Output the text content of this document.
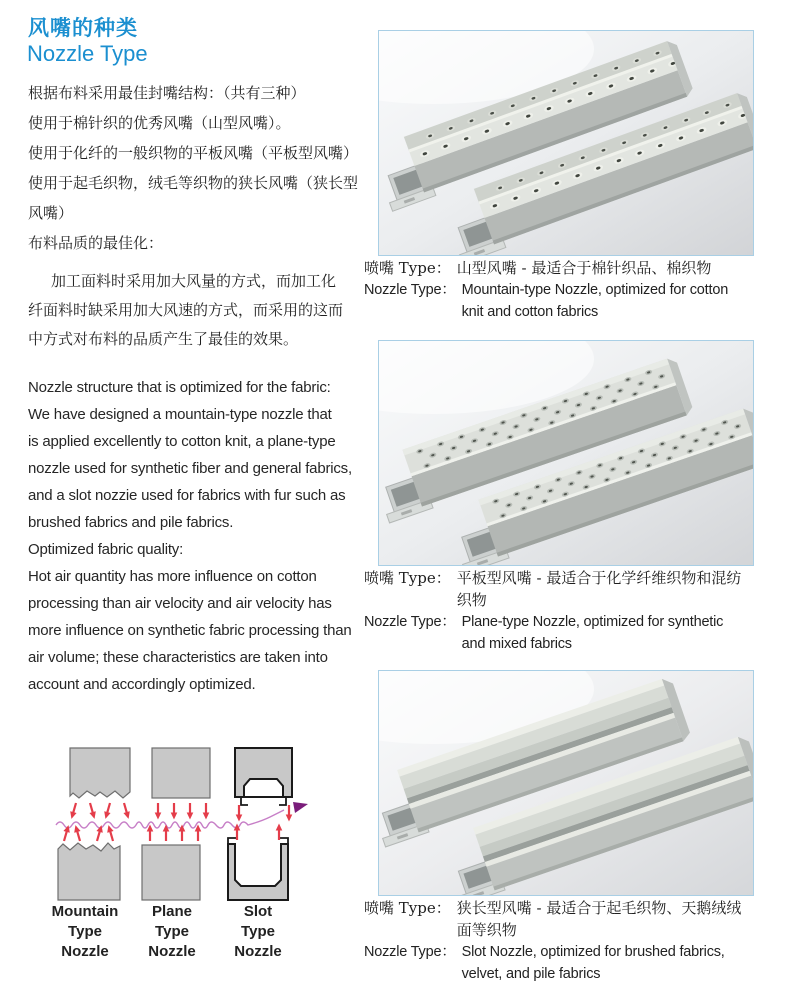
风嘴的种类
Nozzle Type
根据布料采用最佳封嘴结构：（共有三种）
使用于棉针织的优秀风嘴（山型风嘴）。
使用于化纤的一般织物的平板风嘴（平板型风嘴）
使用于起毛织物，绒毛等织物的狭长风嘴（狭长型
风嘴）
布料品质的最佳化：
加工面料时采用加大风量的方式，而加工化
纤面料时缺采用加大风速的方式，而采用的这而
中方式对布料的品质产生了最佳的效果。
Nozzle structure that is optimized for the fabric:
We have designed a mountain-type nozzle that
is applied excellently to cotton knit, a plane-type
nozzle used for synthetic fiber and general fabrics,
and a slot nozzie used for fabrics with fur such as
brushed fabrics and pile fabrics.
Optimized fabric quality:
Hot air quantity has more influence on cotton
processing than air velocity and air velocity has
more influence on synthetic fabric processing than
air volume; these characteristics are taken into
account and accordingly optimized.
喷嘴 Type： 山型风嘴 - 最适合于棉针织品、棉织物
Nozzle Type： Mountain-type Nozzle, optimized for cotton
knit and cotton fabrics
喷嘴 Type： 平板型风嘴 - 最适合于化学纤维织物和混纺
织物
Nozzle Type： Plane-type Nozzle, optimized for synthetic
and mixed fabrics
喷嘴 Type： 狭长型风嘴 - 最适合于起毛织物、天鹅绒绒
面等织物
Nozzle Type： Slot Nozzle, optimized for brushed fabrics,
velvet, and pile fabrics
Mountain
Type
Nozzle
Plane
Type
Nozzle
Slot
Type
Nozzle
